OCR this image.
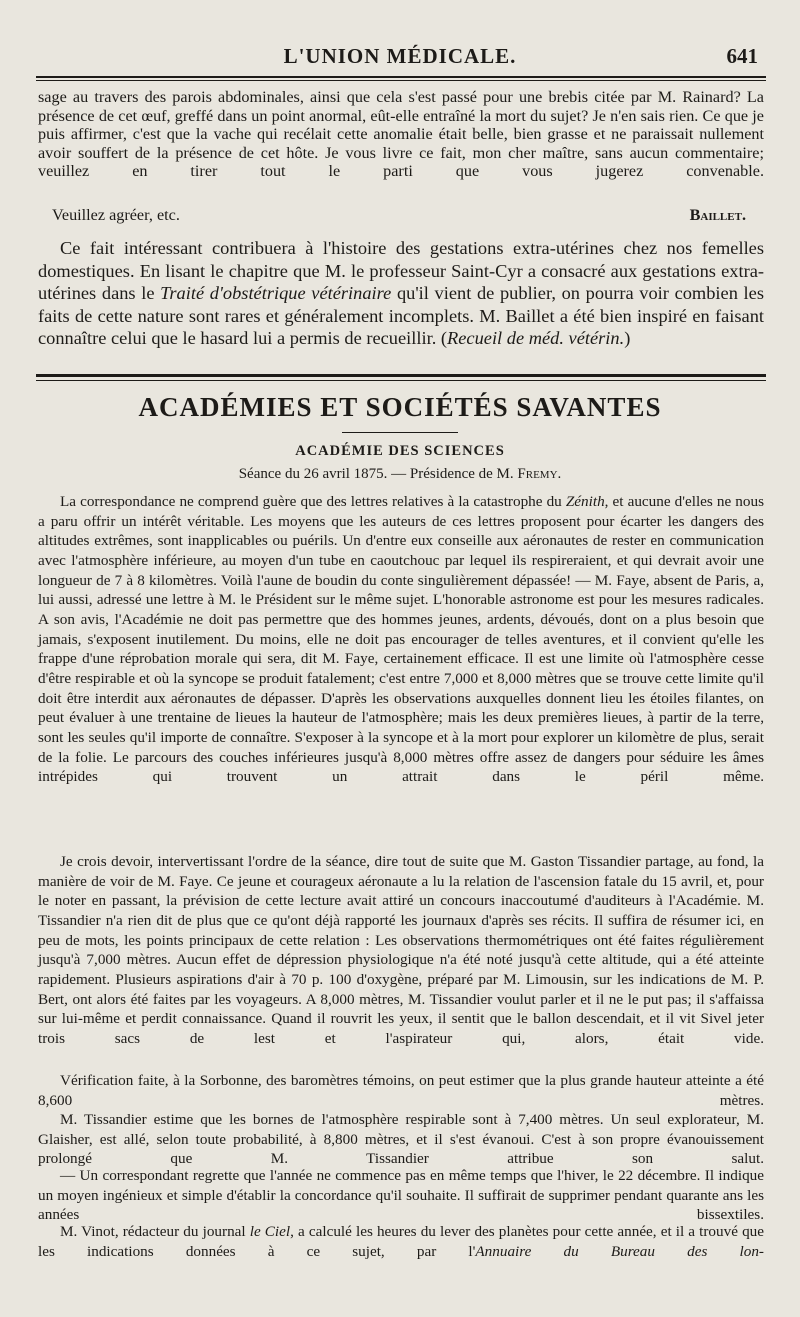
L'UNION MÉDICALE.	641

sage au travers des parois abdominales, ainsi que cela s'est passé pour une brebis citée par M. Rainard? La présence de cet œuf, greffé dans un point anormal, eût-elle entraîné la mort du sujet? Je n'en sais rien. Ce que je puis affirmer, c'est que la vache qui recélait cette anomalie était belle, bien grasse et ne paraissait nullement avoir souffert de la présence de cet hôte. Je vous livre ce fait, mon cher maître, sans aucun commentaire; veuillez en tirer tout le parti que vous jugerez convenable.

Veuillez agréer, etc.	Baillet.

Ce fait intéressant contribuera à l'histoire des gestations extra-utérines chez nos femelles domestiques. En lisant le chapitre que M. le professeur Saint-Cyr a consacré aux gestations extra-utérines dans le Traité d'obstétrique vétérinaire qu'il vient de publier, on pourra voir combien les faits de cette nature sont rares et généralement incomplets. M. Baillet a été bien inspiré en faisant connaître celui que le hasard lui a permis de recueillir. (Recueil de méd. vétérin.)

ACADÉMIES ET SOCIÉTÉS SAVANTES
ACADÉMIE DES SCIENCES
Séance du 26 avril 1875. — Présidence de M. Fremy.

La correspondance ne comprend guère que des lettres relatives à la catastrophe du Zénith, et aucune d'elles ne nous a paru offrir un intérêt véritable. Les moyens que les auteurs de ces lettres proposent pour écarter les dangers des altitudes extrêmes, sont inapplicables ou puérils. Un d'entre eux conseille aux aéronautes de rester en communication avec l'atmosphère inférieure, au moyen d'un tube en caoutchouc par lequel ils respireraient, et qui devrait avoir une longueur de 7 à 8 kilomètres. Voilà l'aune de boudin du conte singulièrement dépassée! — M. Faye, absent de Paris, a, lui aussi, adressé une lettre à M. le Président sur le même sujet. L'honorable astronome est pour les mesures radicales. A son avis, l'Académie ne doit pas permettre que des hommes jeunes, ardents, dévoués, dont on a plus besoin que jamais, s'exposent inutilement. Du moins, elle ne doit pas encourager de telles aventures, et il convient qu'elle les frappe d'une réprobation morale qui sera, dit M. Faye, certainement efficace. Il est une limite où l'atmosphère cesse d'être respirable et où la syncope se produit fatalement; c'est entre 7,000 et 8,000 mètres que se trouve cette limite qu'il doit être interdit aux aéronautes de dépasser. D'après les observations auxquelles donnent lieu les étoiles filantes, on peut évaluer à une trentaine de lieues la hauteur de l'atmosphère; mais les deux premières lieues, à partir de la terre, sont les seules qu'il importe de connaître. S'exposer à la syncope et à la mort pour explorer un kilomètre de plus, serait de la folie. Le parcours des couches inférieures jusqu'à 8,000 mètres offre assez de dangers pour séduire les âmes intrépides qui trouvent un attrait dans le péril même.

Je crois devoir, intervertissant l'ordre de la séance, dire tout de suite que M. Gaston Tissandier partage, au fond, la manière de voir de M. Faye. Ce jeune et courageux aéronaute a lu la relation de l'ascension fatale du 15 avril, et, pour le noter en passant, la prévision de cette lecture avait attiré un concours inaccoutumé d'auditeurs à l'Académie. M. Tissandier n'a rien dit de plus que ce qu'ont déjà rapporté les journaux d'après ses récits. Il suffira de résumer ici, en peu de mots, les points principaux de cette relation : Les observations thermométriques ont été faites régulièrement jusqu'à 7,000 mètres. Aucun effet de dépression physiologique n'a été noté jusqu'à cette altitude, qui a été atteinte rapidement. Plusieurs aspirations d'air à 70 p. 100 d'oxygène, préparé par M. Limousin, sur les indications de M. P. Bert, ont alors été faites par les voyageurs. A 8,000 mètres, M. Tissandier voulut parler et il ne le put pas; il s'affaissa sur lui-même et perdit connaissance. Quand il rouvrit les yeux, il sentit que le ballon descendait, et il vit Sivel jeter trois sacs de lest et l'aspirateur qui, alors, était vide.

Vérification faite, à la Sorbonne, des baromètres témoins, on peut estimer que la plus grande hauteur atteinte a été 8,600 mètres.

M. Tissandier estime que les bornes de l'atmosphère respirable sont à 7,400 mètres. Un seul explorateur, M. Glaisher, est allé, selon toute probabilité, à 8,800 mètres, et il s'est évanoui. C'est à son propre évanouissement prolongé que M. Tissandier attribue son salut.

— Un correspondant regrette que l'année ne commence pas en même temps que l'hiver, le 22 décembre. Il indique un moyen ingénieux et simple d'établir la concordance qu'il souhaite. Il suffirait de supprimer pendant quarante ans les années bissextiles.

M. Vinot, rédacteur du journal le Ciel, a calculé les heures du lever des planètes pour cette année, et il a trouvé que les indications données à ce sujet, par l'Annuaire du Bureau des lon-
